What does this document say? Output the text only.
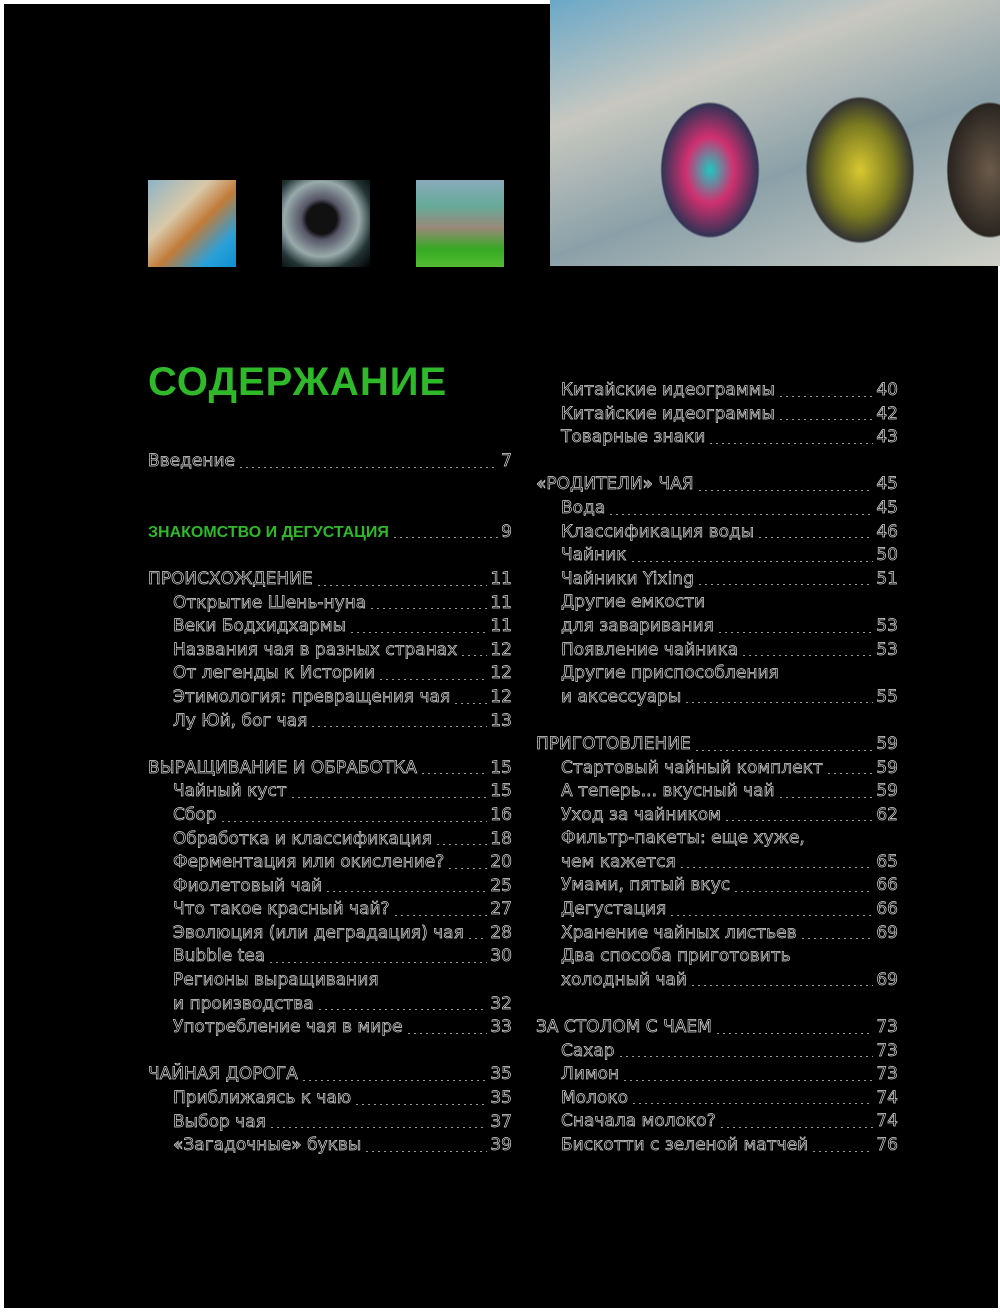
СОДЕРЖАНИЕ
Введение	7
ЗНАКОМСТВО И ДЕГУСТАЦИЯ	9
ПРОИСХОЖДЕНИЕ	11
Открытие Шень-нуна	11
Веки Бодхидхармы	11
Названия чая в разных странах 12
От легенды к Истории	12
Этимология: превращения чая 12
Лу Юй, бог чая	13
ВЫРАЩИВАНИЕ И ОБРАБОТКА	15
Чайный куст	15
Сбор	16
Обработка и классификация	18
Ферментация или окисление?	20
Фиолетовый чай	25
Что такое красный чай?	27
Эволюция (или деградация) чая 28
Bubble tea	30
Регионы выращивания
и производства	32
Употребление чая в мире	33
ЧАЙНАЯ ДОРОГА	35
Приближаясь к чаю	35
Выбор чая	37
«Загадочные» буквы	39
Китайские идеограммы	40
Китайские идеограммы	42
Товарные знаки	43
«РОДИТЕЛИ» ЧАЯ	45
Вода	45
Классификация воды	46
Чайник	50
Чайники Yixing	51
Другие емкости
для заваривания	53
Появление чайника	53
Другие приспособления
и аксессуары	55
ПРИГОТОВЛЕНИЕ	59
Стартовый чайный комплект	59
А теперь... вкусный чай	59
Уход за чайником	62
Фильтр-пакеты: еще хуже,
чем кажется	65
Умами, пятый вкус	66
Дегустация	66
Хранение чайных листьев	69
Два способа приготовить
холодный чай	69
ЗА СТОЛОМ С ЧАЕМ	73
Сахар	73
Лимон	73
Молоко	74
Сначала молоко?	74
Бискотти с зеленой матчей	76
